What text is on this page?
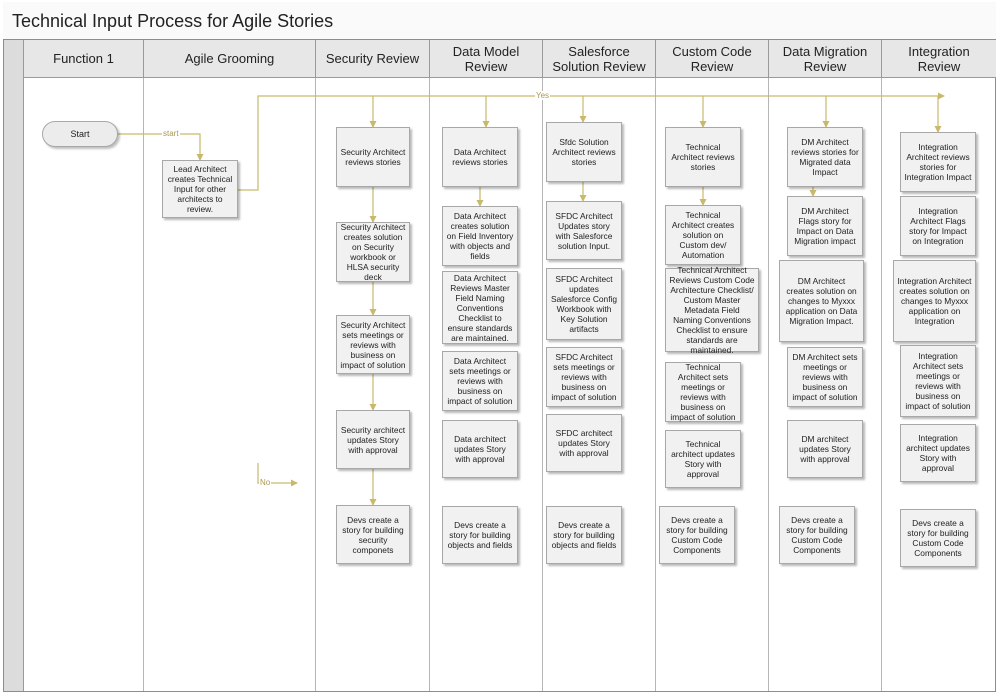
Technical Input Process for Agile Stories
Function 1	Agile Grooming	Security Review	Data Model Review
Salesforce Solution Review
Custom Code Review
Data Migration Review
Integration Review
start
Yes
No
Start
Lead Architect creates Technical Input for other architects to review.
Security Architect reviews stories
Security Architect creates solution on Security workbook or HLSA security deck
Security Architect sets meetings or reviews with business on impact of solution
Security architect updates Story with approval
Devs create a story for building security componets
Data Architect reviews stories
Data Architect creates solution on Field Inventory with objects and fields
Data Architect Reviews Master Field Naming Conventions Checklist to ensure standards are maintained.
Data Architect sets meetings or reviews with business on impact of solution
Data architect updates Story with approval
Devs create a story for building objects and fields
Sfdc Solution Architect reviews stories
SFDC Architect Updates story with Salesforce solution Input.
SFDC Architect updates Salesforce Config Workbook with Key Solution artifacts
SFDC Architect sets meetings or reviews with business on impact of solution
SFDC architect updates Story with approval
Devs create a story for building objects and fields
Technical Architect reviews stories
Technical Architect creates solution on Custom dev/ Automation
Technical Architect Reviews Custom Code Architecture Checklist/ Custom Master Metadata Field Naming Conventions Checklist to ensure standards are maintained.
Technical Architect sets meetings or reviews with business on impact of solution
Technical architect updates Story with approval
Devs create a story for building Custom Code Components
DM Architect reviews stories for Migrated data Impact
DM Architect Flags story for Impact on Data Migration impact
DM Architect creates solution on changes to Myxxx application on Data Migration Impact.
DM Architect sets meetings or reviews with business on impact of solution
DM architect updates Story with approval
Devs create a story for building Custom Code Components
Integration Architect reviews stories for Integration Impact
Integration Architect Flags story for Impact on Integration
Integration Architect creates solution on changes to Myxxx application on Integration
Integration Architect sets meetings or reviews with business on impact of solution
Integration architect updates Story with approval
Devs create a story for building Custom Code Components
